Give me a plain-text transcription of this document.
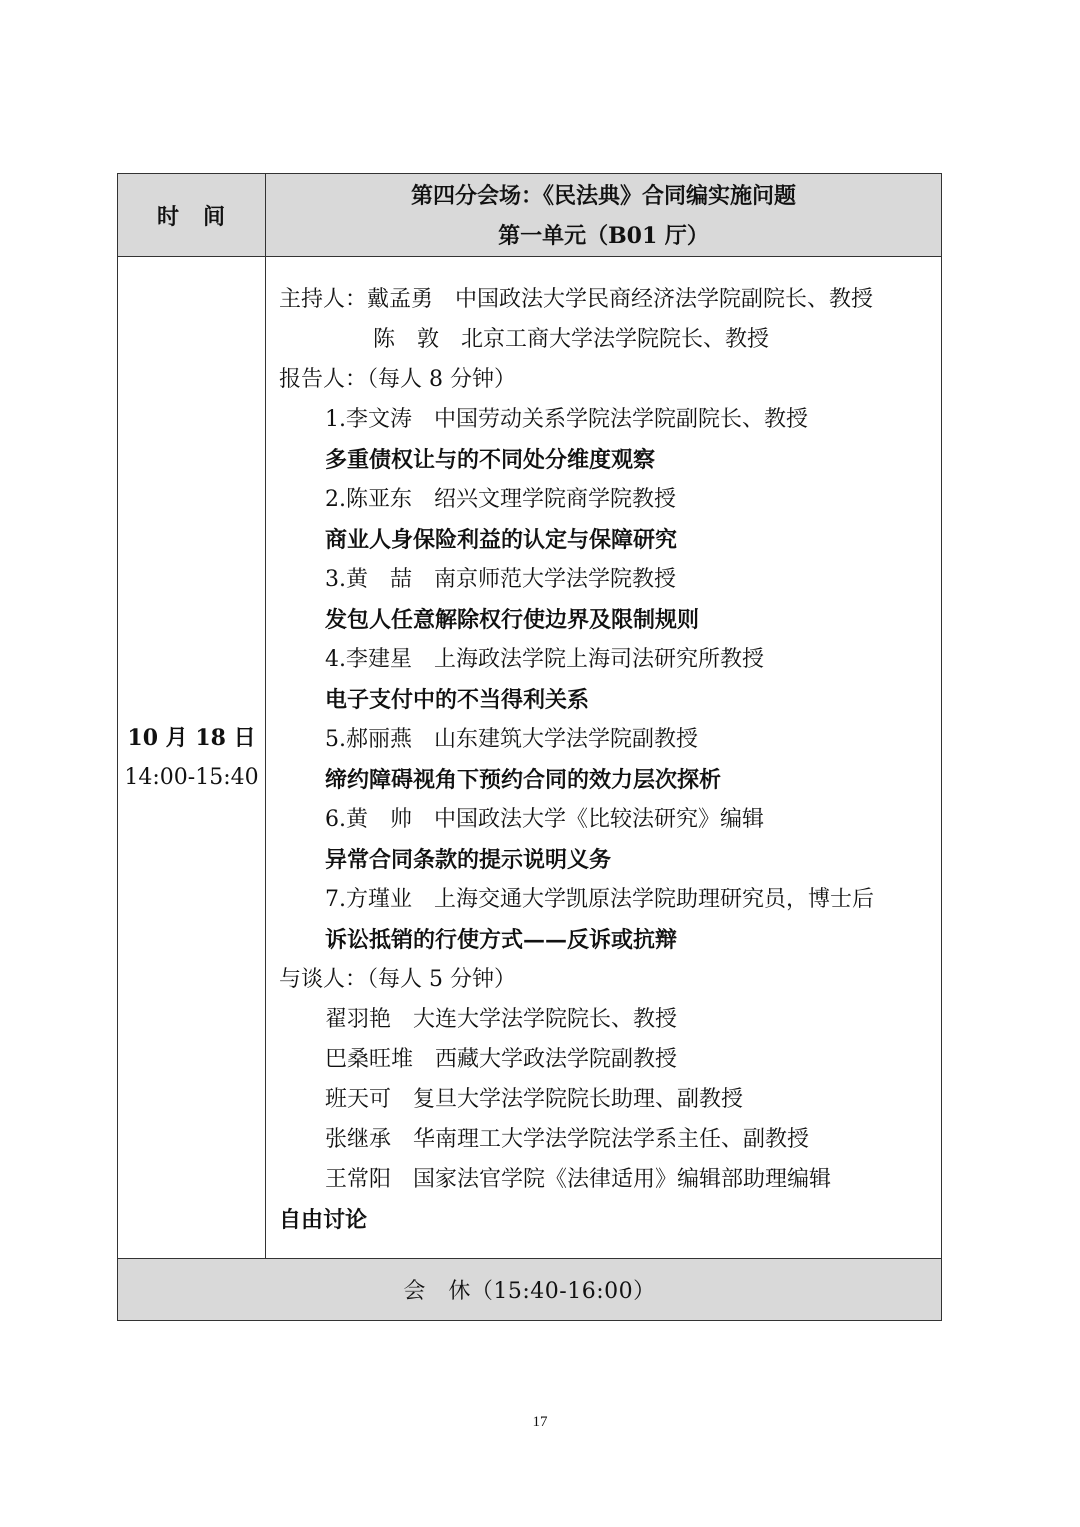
时　间
第四分会场：《民法典》合同编实施问题
第一单元（B01 厅）
10 月 18 日
14:00-15:40
主持人：戴孟勇 中国政法大学民商经济法学院副院长、教授
陈　敦 北京工商大学法学院院长、教授
报告人：（每人 8 分钟）
1.李文涛 中国劳动关系学院法学院副院长、教授
多重债权让与的不同处分维度观察
2.陈亚东 绍兴文理学院商学院教授
商业人身保险利益的认定与保障研究
3.黄　喆 南京师范大学法学院教授
发包人任意解除权行使边界及限制规则
4.李建星 上海政法学院上海司法研究所教授
电子支付中的不当得利关系
5.郝丽燕 山东建筑大学法学院副教授
缔约障碍视角下预约合同的效力层次探析
6.黄　帅 中国政法大学《比较法研究》编辑
异常合同条款的提示说明义务
7.方瑾业 上海交通大学凯原法学院助理研究员，博士后
诉讼抵销的行使方式——反诉或抗辩
与谈人：（每人 5 分钟）
翟羽艳 大连大学法学院院长、教授
巴桑旺堆 西藏大学政法学院副教授
班天可 复旦大学法学院院长助理、副教授
张继承 华南理工大学法学院法学系主任、副教授
王常阳 国家法官学院《法律适用》编辑部助理编辑
自由讨论
会　休（15:40-16:00）
17
